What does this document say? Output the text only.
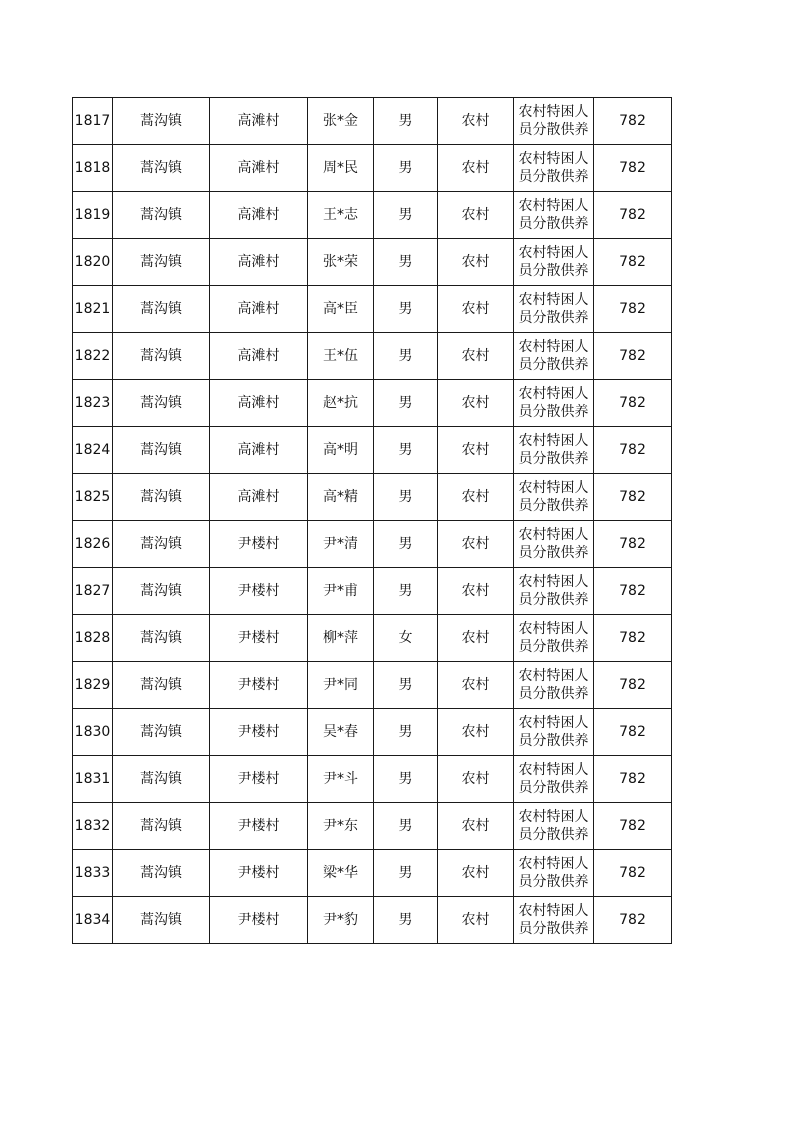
1817	蒿沟镇	高滩村	张*金	男	农村	农村特困人员分散供养	782
1818	蒿沟镇	高滩村	周*民	男	农村	农村特困人员分散供养	782
1819	蒿沟镇	高滩村	王*志	男	农村	农村特困人员分散供养	782
1820	蒿沟镇	高滩村	张*荣	男	农村	农村特困人员分散供养	782
1821	蒿沟镇	高滩村	高*臣	男	农村	农村特困人员分散供养	782
1822	蒿沟镇	高滩村	王*伍	男	农村	农村特困人员分散供养	782
1823	蒿沟镇	高滩村	赵*抗	男	农村	农村特困人员分散供养	782
1824	蒿沟镇	高滩村	高*明	男	农村	农村特困人员分散供养	782
1825	蒿沟镇	高滩村	高*精	男	农村	农村特困人员分散供养	782
1826	蒿沟镇	尹楼村	尹*清	男	农村	农村特困人员分散供养	782
1827	蒿沟镇	尹楼村	尹*甫	男	农村	农村特困人员分散供养	782
1828	蒿沟镇	尹楼村	柳*萍	女	农村	农村特困人员分散供养	782
1829	蒿沟镇	尹楼村	尹*同	男	农村	农村特困人员分散供养	782
1830	蒿沟镇	尹楼村	吴*春	男	农村	农村特困人员分散供养	782
1831	蒿沟镇	尹楼村	尹*斗	男	农村	农村特困人员分散供养	782
1832	蒿沟镇	尹楼村	尹*东	男	农村	农村特困人员分散供养	782
1833	蒿沟镇	尹楼村	梁*华	男	农村	农村特困人员分散供养	782
1834	蒿沟镇	尹楼村	尹*豹	男	农村	农村特困人员分散供养	782
